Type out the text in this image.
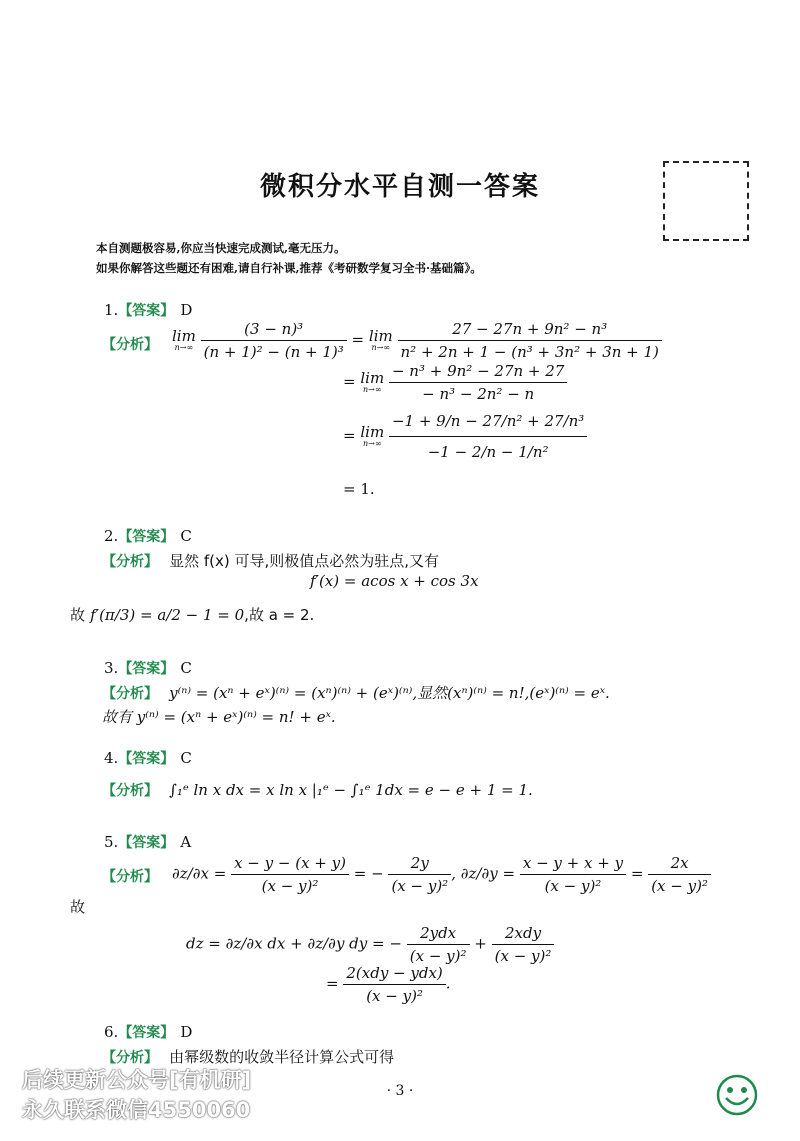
微积分水平自测一答案
本自测题极容易,你应当快速完成测试,毫无压力。
如果你解答这些题还有困难,请自行补课,推荐《考研数学复习全书·基础篇》。
1.【答案】 D
【分析】 lim
n→∞
$\frac{\text{(3 − n)³}}{\text{(n + 1)² − (n + 1)³}} = \lim$
n→∞
$\frac{\text{27 − 27n + 9n² − n³}}{\text{n² + 2n + 1 − (n³ + 3n² + 3n + 1)}}$
= lim
n→∞
$\frac{\text{− n³ + 9n² − 27n + 27}}{\text{− n³ − 2n² − n}}$
= lim
n→∞
$\frac{\text{−1 + 9/n − 27/n² + 27/n³}}{\text{−1 − 2/n − 1/n²}}$
= 1.
2.【答案】 C
【分析】 显然 f(x) 可导,则极值点必然为驻点,又有
f′(x) = acos x + cos 3x
故 f′(π/3) = a/2 − 1 = 0,故 a = 2.
3.【答案】 C
【分析】 y⁽ⁿ⁾ = (xⁿ + eˣ)⁽ⁿ⁾ = (xⁿ)⁽ⁿ⁾ + (eˣ)⁽ⁿ⁾,显然(xⁿ)⁽ⁿ⁾ = n!,(eˣ)⁽ⁿ⁾ = eˣ.
故有 y⁽ⁿ⁾ = (xⁿ + eˣ)⁽ⁿ⁾ = n! + eˣ.
4.【答案】 C
【分析】 ∫₁ᵉ ln x dx = x ln x |₁ᵉ − ∫₁ᵉ 1dx = e − e + 1 = 1.
5.【答案】 A
【分析】 $\partial z/\partial x = \frac{x - y - (x + y)}{\text{(x − y)²}}$ = − $\frac{2y}{\text{(x − y)²}}$ , $\partial z/\partial y = \frac{x - y + x + y}{\text{(x − y)²}} = \frac{2x}{\text{(x − y)²}}$
故
dz = ∂z/∂x dx + ∂z/∂y dy = − $\frac{\text{2ydx}}{\text{(x − y)²}} + \frac{\text{2xdy}}{\text{(x − y)²}}$
= $\frac{\text{2(xdy − ydx)}}{\text{(x − y)²}}$ .
6.【答案】 D
【分析】 由幂级数的收敛半径计算公式可得
后续更新公众号[有机研]
永久联系微信4550060
· 3 ·
